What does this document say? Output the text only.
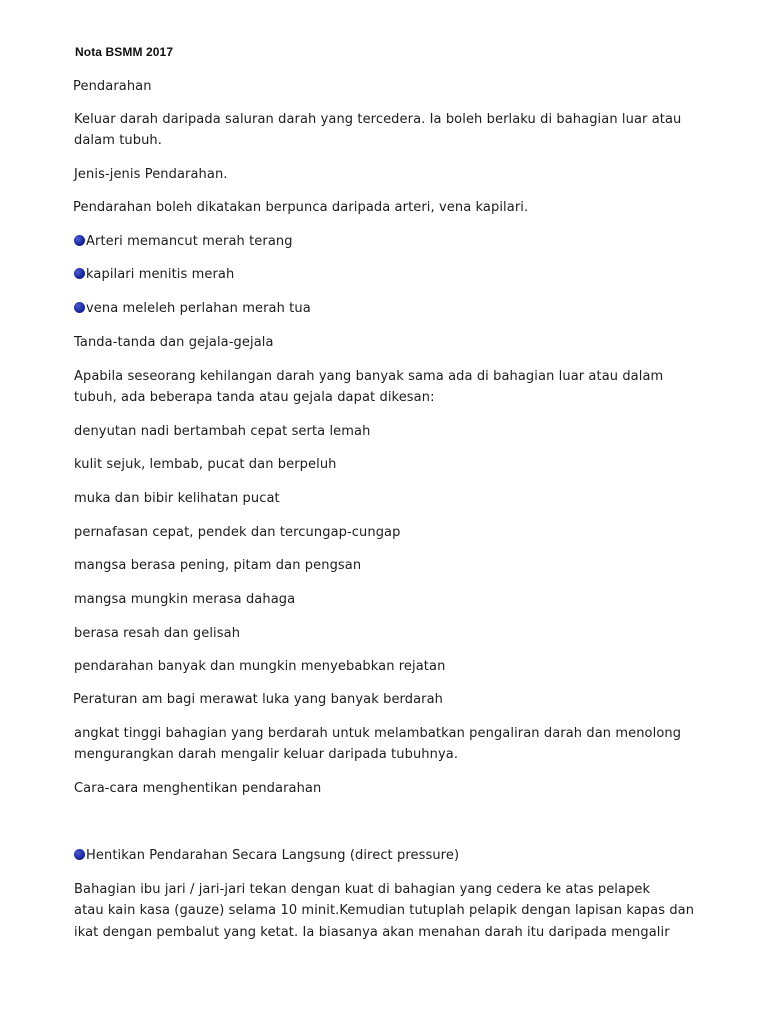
Nota BSMM 2017
Pendarahan
Keluar darah daripada saluran darah yang tercedera. Ia boleh berlaku di bahagian luar atau
dalam tubuh.
Jenis-jenis Pendarahan.
Pendarahan boleh dikatakan berpunca daripada arteri, vena kapilari.
Arteri memancut merah terang
kapilari menitis merah
vena meleleh perlahan merah tua
Tanda-tanda dan gejala-gejala
Apabila seseorang kehilangan darah yang banyak sama ada di bahagian luar atau dalam
tubuh, ada beberapa tanda atau gejala dapat dikesan:
denyutan nadi bertambah cepat serta lemah
kulit sejuk, lembab, pucat dan berpeluh
muka dan bibir kelihatan pucat
pernafasan cepat, pendek dan tercungap-cungap
mangsa berasa pening, pitam dan pengsan
mangsa mungkin merasa dahaga
berasa resah dan gelisah
pendarahan banyak dan mungkin menyebabkan rejatan
Peraturan am bagi merawat luka yang banyak berdarah
angkat tinggi bahagian yang berdarah untuk melambatkan pengaliran darah dan menolong
mengurangkan darah mengalir keluar daripada tubuhnya.
Cara-cara menghentikan pendarahan
Hentikan Pendarahan Secara Langsung (direct pressure)
Bahagian ibu jari / jari-jari tekan dengan kuat di bahagian yang cedera ke atas pelapek
atau kain kasa (gauze) selama 10 minit.Kemudian tutuplah pelapik dengan lapisan kapas dan
ikat dengan pembalut yang ketat. Ia biasanya akan menahan darah itu daripada mengalir
